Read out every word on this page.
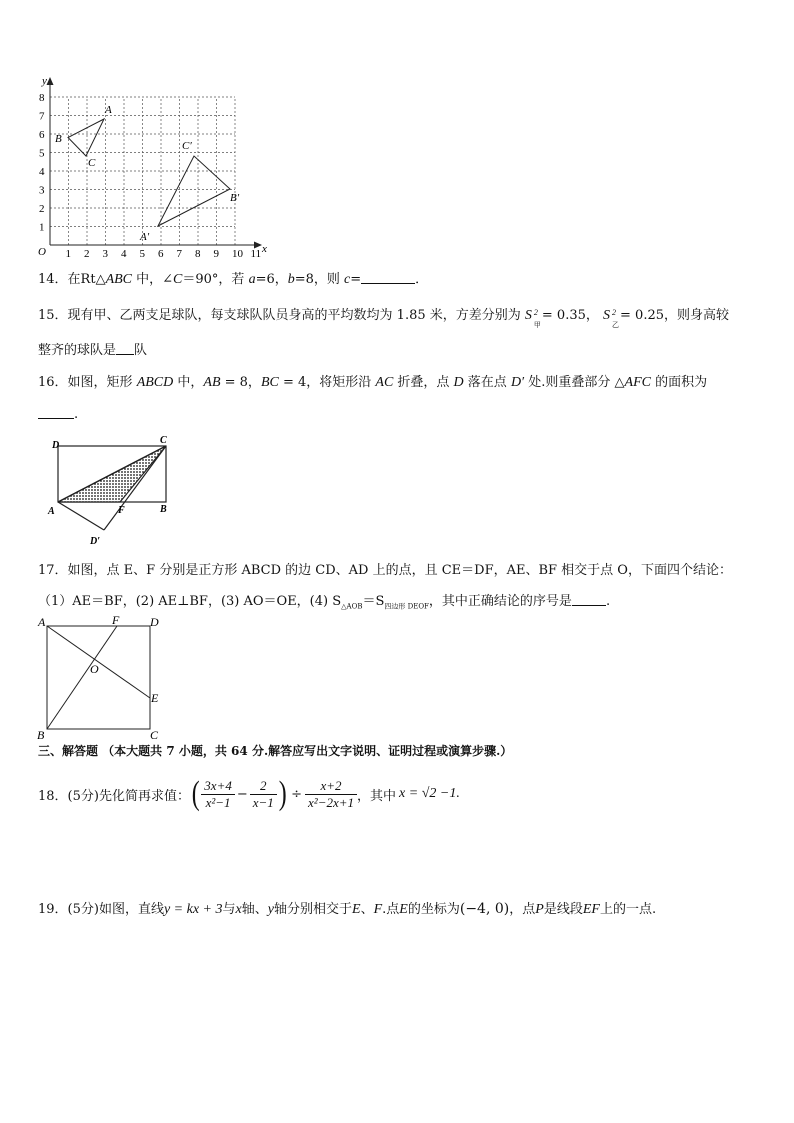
x
y
O 1 2 3 4 5 6 7 8 9 10 11
1
2
3
4
5
6
7
8
A
B
C
A′
B′
C′
14．在Rt△ABC 中，∠C＝90°，若 a=6，b=8，则 c=	．
15．现有甲、乙两支足球队，每支球队队员身高的平均数均为 1.85 米，方差分别为 S 2
甲
= 0.35， S 2
乙
= 0.25，则身高较
整齐的球队是 队
16．如图，矩形 ABCD 中，AB = 8，BC = 4，将矩形沿 AC 折叠，点 D 落在点 D′ 处.则重叠部分 △AFC 的面积为
.
D	C
A	F	B
D′
17．如图，点 E、F 分别是正方形 ABCD 的边 CD、AD 上的点，且 CE＝DF，AE、BF 相交于点 O，下面四个结论：
（1）AE＝BF，(2) AE⊥BF，(3) AO＝OE，(4) $S_{\triangle AOB}=S_{四边形 DEOF}$，其中正确结论的序号是	.
A	F	D
O
E
B	C
三、解答题 （本大题共 7 小题，共 64 分.解答应写出文字说明、证明过程或演算步骤.）
18．(5分)先化简再求值： ( $\frac{3x+4}{\text{x²−1}} - \frac{2}{x-1}$ ) ÷ $\frac{x+2}{\text{x²−2x+1}}$ ，其中 x = √2 −1.
19．(5分)如图，直线y = kx + 3与x轴、y轴分别相交于E、F.点E的坐标为(−4, 0)，点P是线段EF上的一点.
